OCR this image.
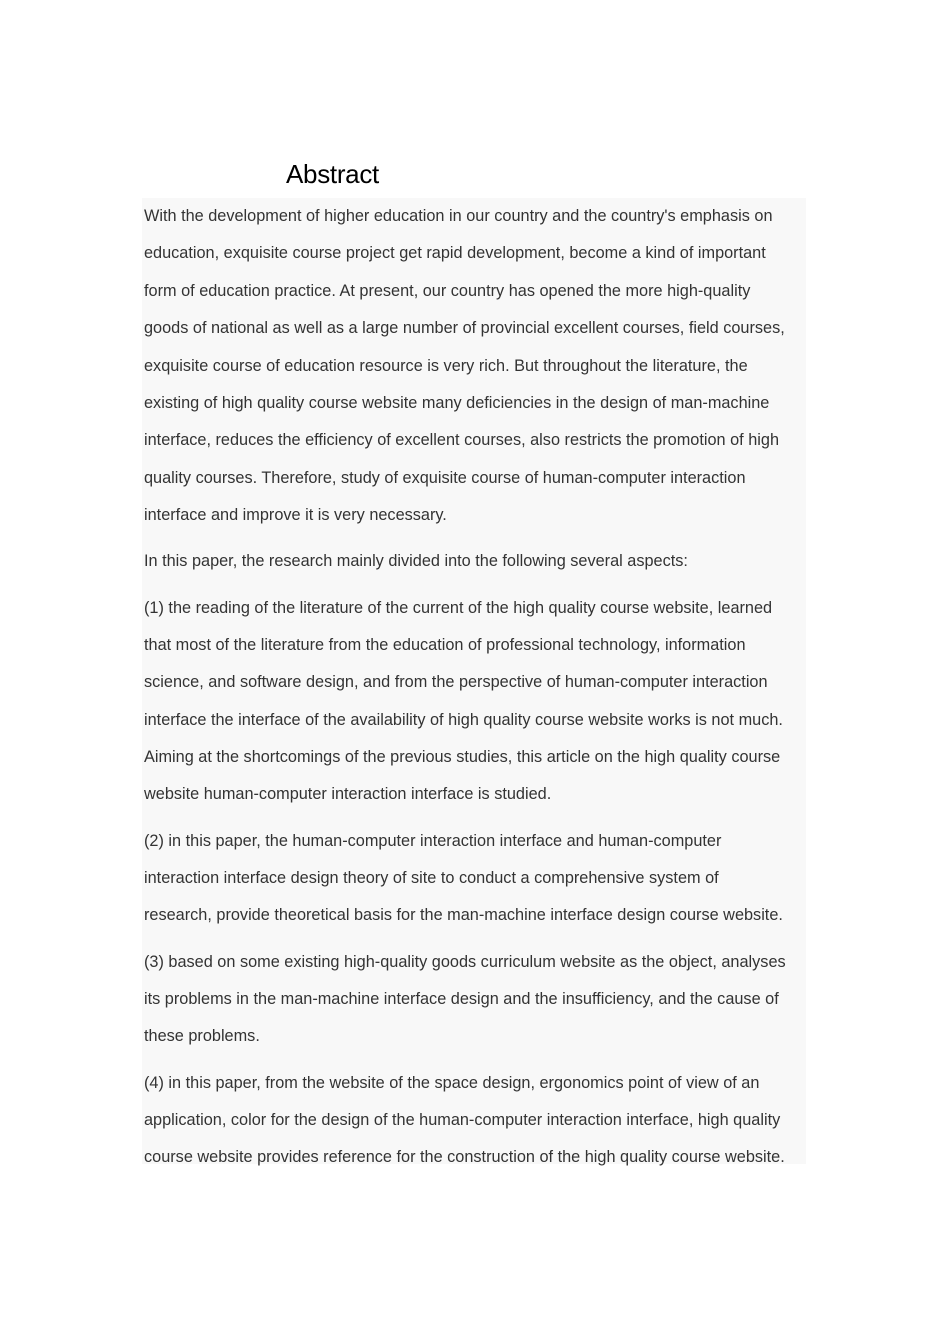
Abstract

With the development of higher education in our country and the country's emphasis on
education, exquisite course project get rapid development, become a kind of important
form of education practice. At present, our country has opened the more high-quality
goods of national as well as a large number of provincial excellent courses, field courses,
exquisite course of education resource is very rich. But throughout the literature, the
existing of high quality course website many deficiencies in the design of man-machine
interface, reduces the efficiency of excellent courses, also restricts the promotion of high
quality courses. Therefore, study of exquisite course of human-computer interaction
interface and improve it is very necessary.

In this paper, the research mainly divided into the following several aspects:

(1) the reading of the literature of the current of the high quality course website, learned
that most of the literature from the education of professional technology, information
science, and software design, and from the perspective of human-computer interaction
interface the interface of the availability of high quality course website works is not much.
Aiming at the shortcomings of the previous studies, this article on the high quality course
website human-computer interaction interface is studied.

(2) in this paper, the human-computer interaction interface and human-computer
interaction interface design theory of site to conduct a comprehensive system of
research, provide theoretical basis for the man-machine interface design course website.

(3) based on some existing high-quality goods curriculum website as the object, analyses
its problems in the man-machine interface design and the insufficiency, and the cause of
these problems.

(4) in this paper, from the website of the space design, ergonomics point of view of an
application, color for the design of the human-computer interaction interface, high quality
course website provides reference for the construction of the high quality course website.
